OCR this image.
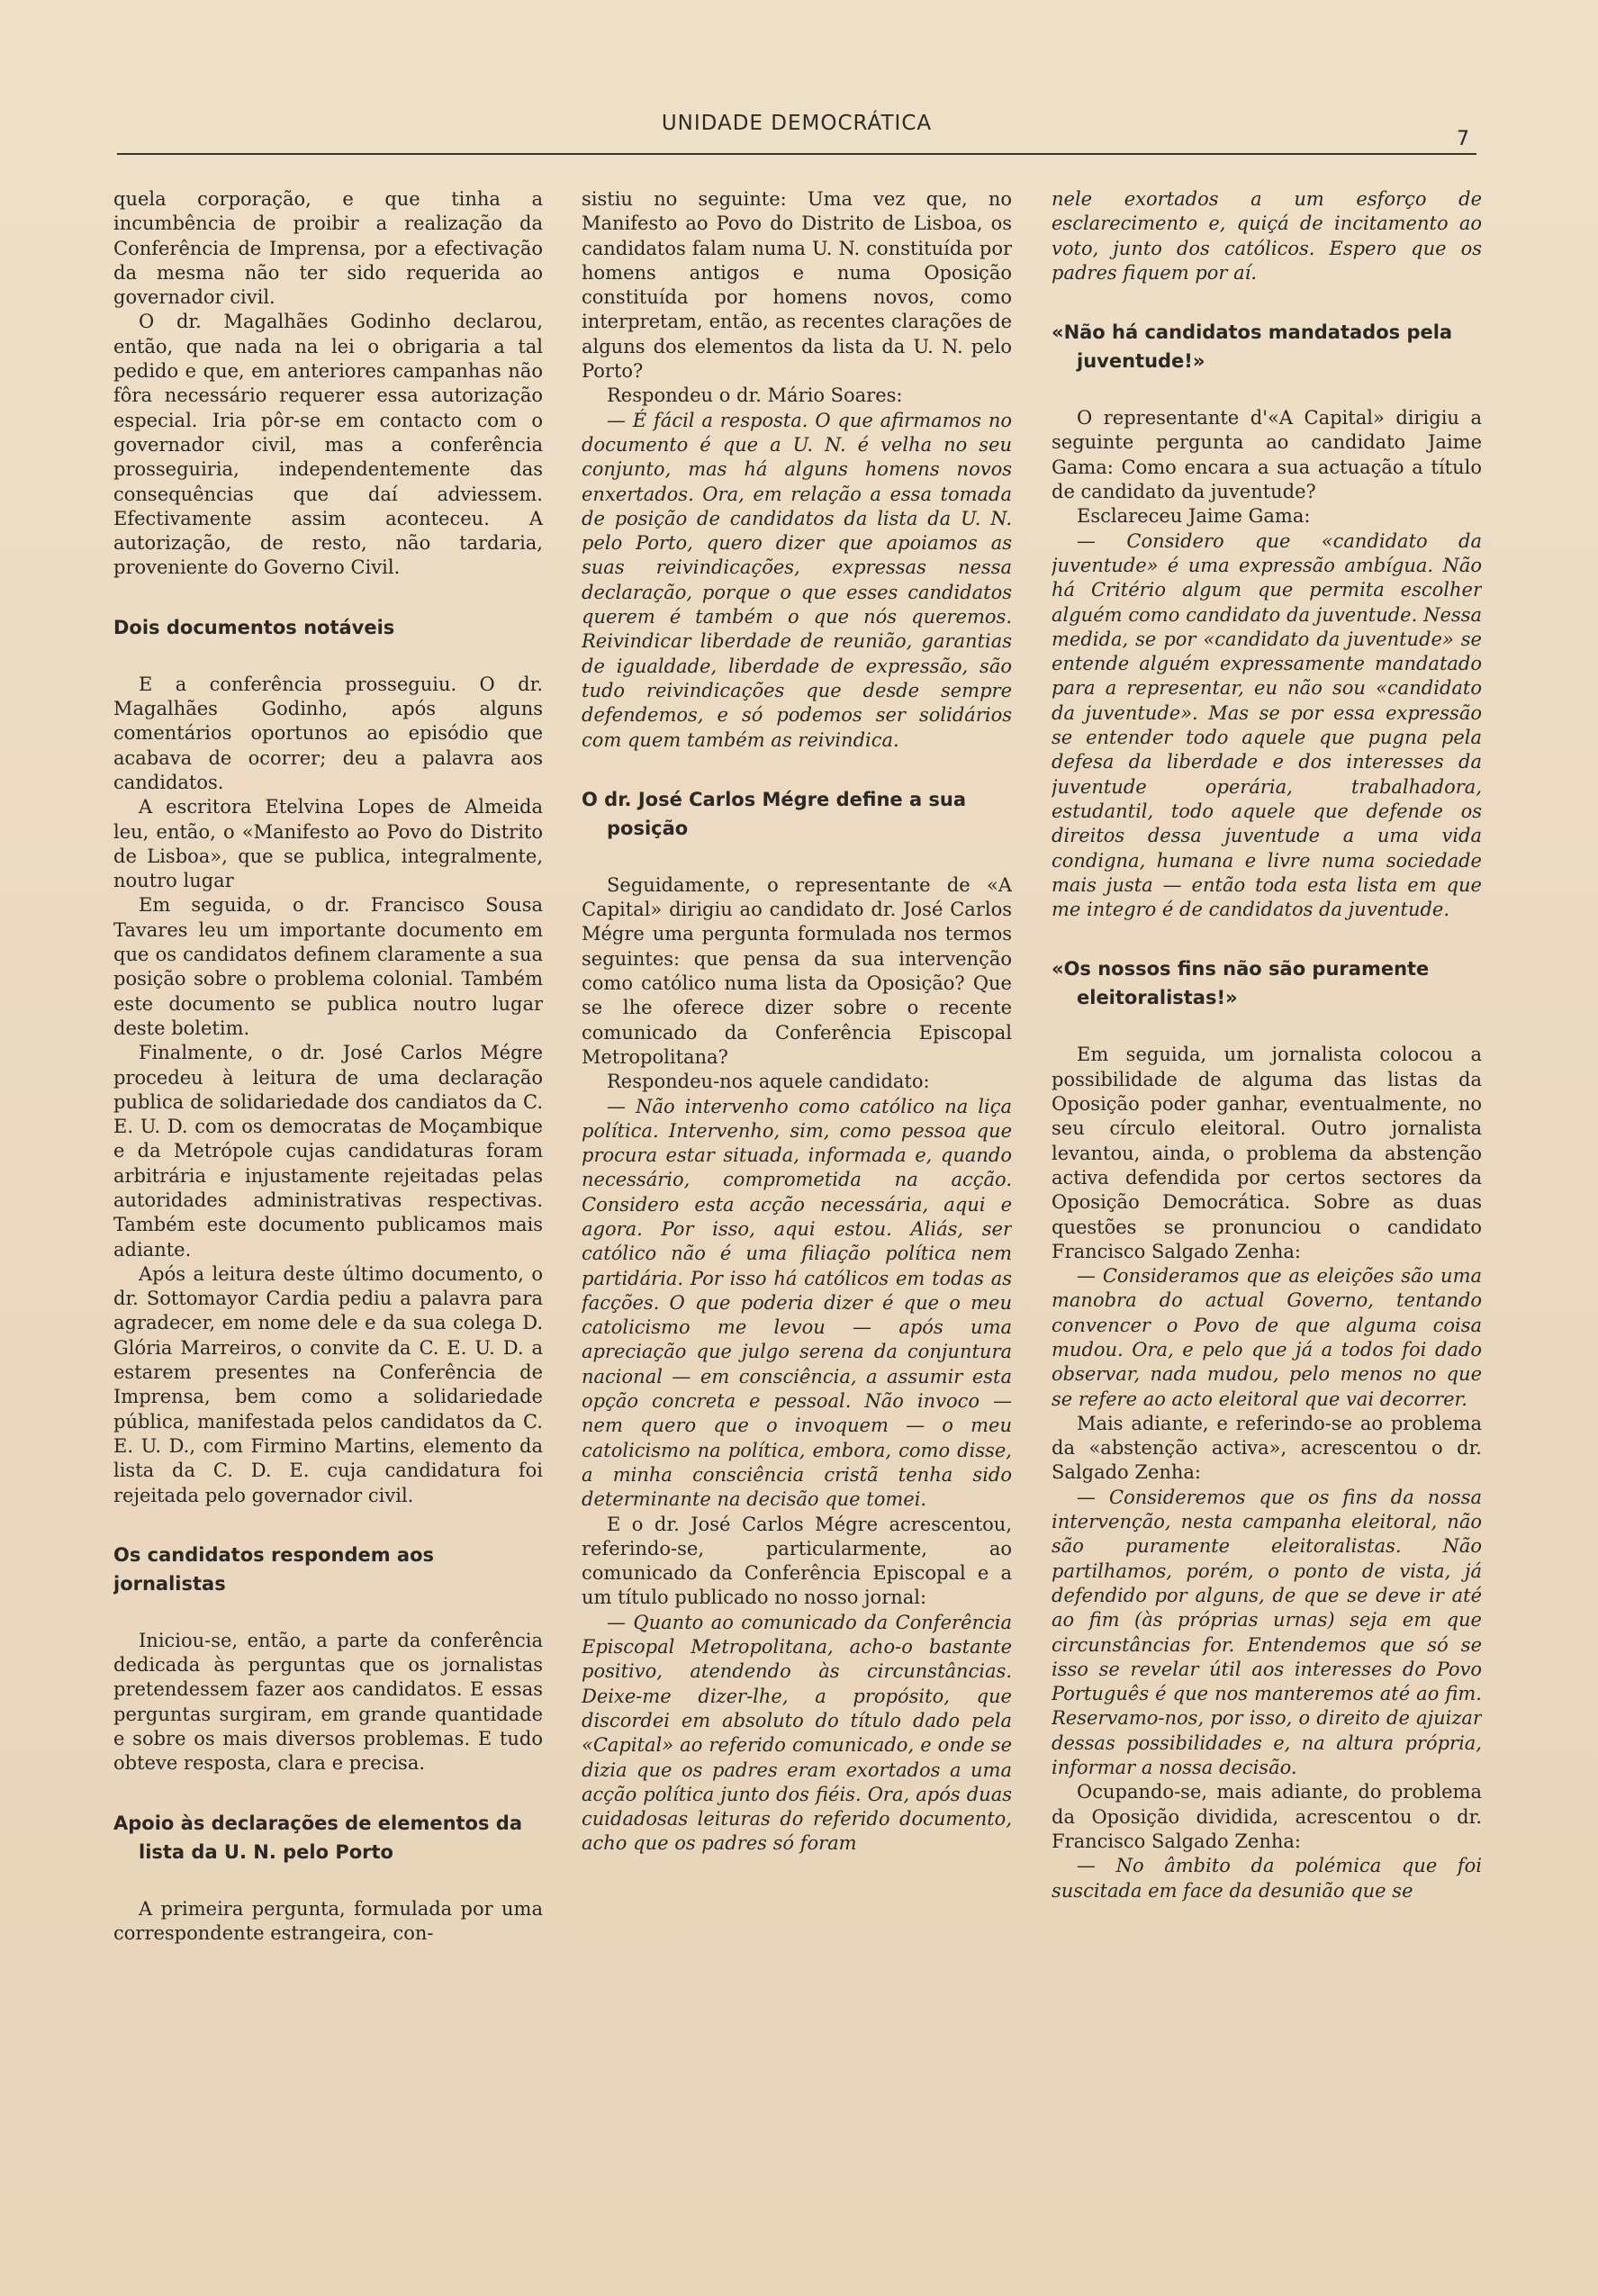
UNIDADE DEMOCRÁTICA
7

quela corporação, e que tinha a incumbência de proibir a realização da Conferência de Imprensa, por a efectivação da mesma não ter sido requerida ao governador civil.

O dr. Magalhães Godinho declarou, então, que nada na lei o obrigaria a tal pedido e que, em anteriores campanhas não fôra necessário requerer essa autorização especial. Iria pôr-se em contacto com o governador civil, mas a conferência prosseguiria, independentemente das consequências que daí adviessem. Efectivamente assim aconteceu. A autorização, de resto, não tardaria, proveniente do Governo Civil.

Dois documentos notáveis

E a conferência prosseguiu. O dr. Magalhães Godinho, após alguns comentários oportunos ao episódio que acabava de ocorrer; deu a palavra aos candidatos.

A escritora Etelvina Lopes de Almeida leu, então, o «Manifesto ao Povo do Distrito de Lisboa», que se publica, integralmente, noutro lugar

Em seguida, o dr. Francisco Sousa Tavares leu um importante documento em que os candidatos definem claramente a sua posição sobre o problema colonial. Também este documento se publica noutro lugar deste boletim.

Finalmente, o dr. José Carlos Mégre procedeu à leitura de uma declaração publica de solidariedade dos candiatos da C. E. U. D. com os democratas de Moçambique e da Metrópole cujas candidaturas foram arbitrária e injustamente rejeitadas pelas autoridades administrativas respectivas. Também este documento publicamos mais adiante.

Após a leitura deste último documento, o dr. Sottomayor Cardia pediu a palavra para agradecer, em nome dele e da sua colega D. Glória Marreiros, o convite da C. E. U. D. a estarem presentes na Conferência de Imprensa, bem como a solidariedade pública, manifestada pelos candidatos da C. E. U. D., com Firmino Martins, elemento da lista da C. D. E. cuja candidatura foi rejeitada pelo governador civil.

Os candidatos respondem aos jornalistas

Iniciou-se, então, a parte da conferência dedicada às perguntas que os jornalistas pretendessem fazer aos candidatos. E essas perguntas surgiram, em grande quantidade e sobre os mais diversos problemas. E tudo obteve resposta, clara e precisa.

Apoio às declarações de elementos da
lista da U. N. pelo Porto

A primeira pergunta, formulada por uma correspondente estrangeira, con-

sistiu no seguinte: Uma vez que, no Manifesto ao Povo do Distrito de Lisboa, os candidatos falam numa U. N. constituída por homens antigos e numa Oposição constituída por homens novos, como interpretam, então, as recentes clarações de alguns dos elementos da lista da U. N. pelo Porto?

Respondeu o dr. Mário Soares:

— É fácil a resposta. O que afirmamos no documento é que a U. N. é velha no seu conjunto, mas há alguns homens novos enxertados. Ora, em relação a essa tomada de posição de candidatos da lista da U. N. pelo Porto, quero dizer que apoiamos as suas reivindicações, expressas nessa declaração, porque o que esses candidatos querem é também o que nós queremos. Reivindicar liberdade de reunião, garantias de igualdade, liberdade de expressão, são tudo reivindicações que desde sempre defendemos, e só podemos ser solidários com quem também as reivindica.

O dr. José Carlos Mégre define a sua
posição

Seguidamente, o representante de «A Capital» dirigiu ao candidato dr. José Carlos Mégre uma pergunta formulada nos termos seguintes: que pensa da sua intervenção como católico numa lista da Oposição? Que se lhe oferece dizer sobre o recente comunicado da Conferência Episcopal Metropolitana?

Respondeu-nos aquele candidato:

— Não intervenho como católico na liça política. Intervenho, sim, como pessoa que procura estar situada, informada e, quando necessário, comprometida na acção. Considero esta acção necessária, aqui e agora. Por isso, aqui estou. Aliás, ser católico não é uma filiação política nem partidária. Por isso há católicos em todas as facções. O que poderia dizer é que o meu catolicismo me levou — após uma apreciação que julgo serena da conjuntura nacional — em consciência, a assumir esta opção concreta e pessoal. Não invoco — nem quero que o invoquem — o meu catolicismo na política, embora, como disse, a minha consciência cristã tenha sido determinante na decisão que tomei.

E o dr. José Carlos Mégre acrescentou, referindo-se, particularmente, ao comunicado da Conferência Episcopal e a um título publicado no nosso jornal:

— Quanto ao comunicado da Conferência Episcopal Metropolitana, acho-o bastante positivo, atendendo às circunstâncias. Deixe-me dizer-lhe, a propósito, que discordei em absoluto do título dado pela «Capital» ao referido comunicado, e onde se dizia que os padres eram exortados a uma acção política junto dos fiéis. Ora, após duas cuidadosas leituras do referido documento, acho que os padres só foram

nele exortados a um esforço de esclarecimento e, quiçá de incitamento ao voto, junto dos católicos. Espero que os padres fiquem por aí.

«Não há candidatos mandatados pela
juventude!»

O representante d'«A Capital» dirigiu a seguinte pergunta ao candidato Jaime Gama: Como encara a sua actuação a título de candidato da juventude?

Esclareceu Jaime Gama:

— Considero que «candidato da juventude» é uma expressão ambígua. Não há Critério algum que permita escolher alguém como candidato da juventude. Nessa medida, se por «candidato da juventude» se entende alguém expressamente mandatado para a representar, eu não sou «candidato da juventude». Mas se por essa expressão se entender todo aquele que pugna pela defesa da liberdade e dos interesses da juventude operária, trabalhadora, estudantil, todo aquele que defende os direitos dessa juventude a uma vida condigna, humana e livre numa sociedade mais justa — então toda esta lista em que me integro é de candidatos da juventude.

«Os nossos fins não são puramente
eleitoralistas!»

Em seguida, um jornalista colocou a possibilidade de alguma das listas da Oposição poder ganhar, eventualmente, no seu círculo eleitoral. Outro jornalista levantou, ainda, o problema da abstenção activa defendida por certos sectores da Oposição Democrática. Sobre as duas questões se pronunciou o candidato Francisco Salgado Zenha:

— Consideramos que as eleições são uma manobra do actual Governo, tentando convencer o Povo de que alguma coisa mudou. Ora, e pelo que já a todos foi dado observar, nada mudou, pelo menos no que se refere ao acto eleitoral que vai decorrer.

Mais adiante, e referindo-se ao problema da «abstenção activa», acrescentou o dr. Salgado Zenha:

— Consideremos que os fins da nossa intervenção, nesta campanha eleitoral, não são puramente eleitoralistas. Não partilhamos, porém, o ponto de vista, já defendido por alguns, de que se deve ir até ao fim (às próprias urnas) seja em que circunstâncias for. Entendemos que só se isso se revelar útil aos interesses do Povo Português é que nos manteremos até ao fim. Reservamo-nos, por isso, o direito de ajuizar dessas possibilidades e, na altura própria, informar a nossa decisão.

Ocupando-se, mais adiante, do problema da Oposição dividida, acrescentou o dr. Francisco Salgado Zenha:

— No âmbito da polémica que foi suscitada em face da desunião que se
